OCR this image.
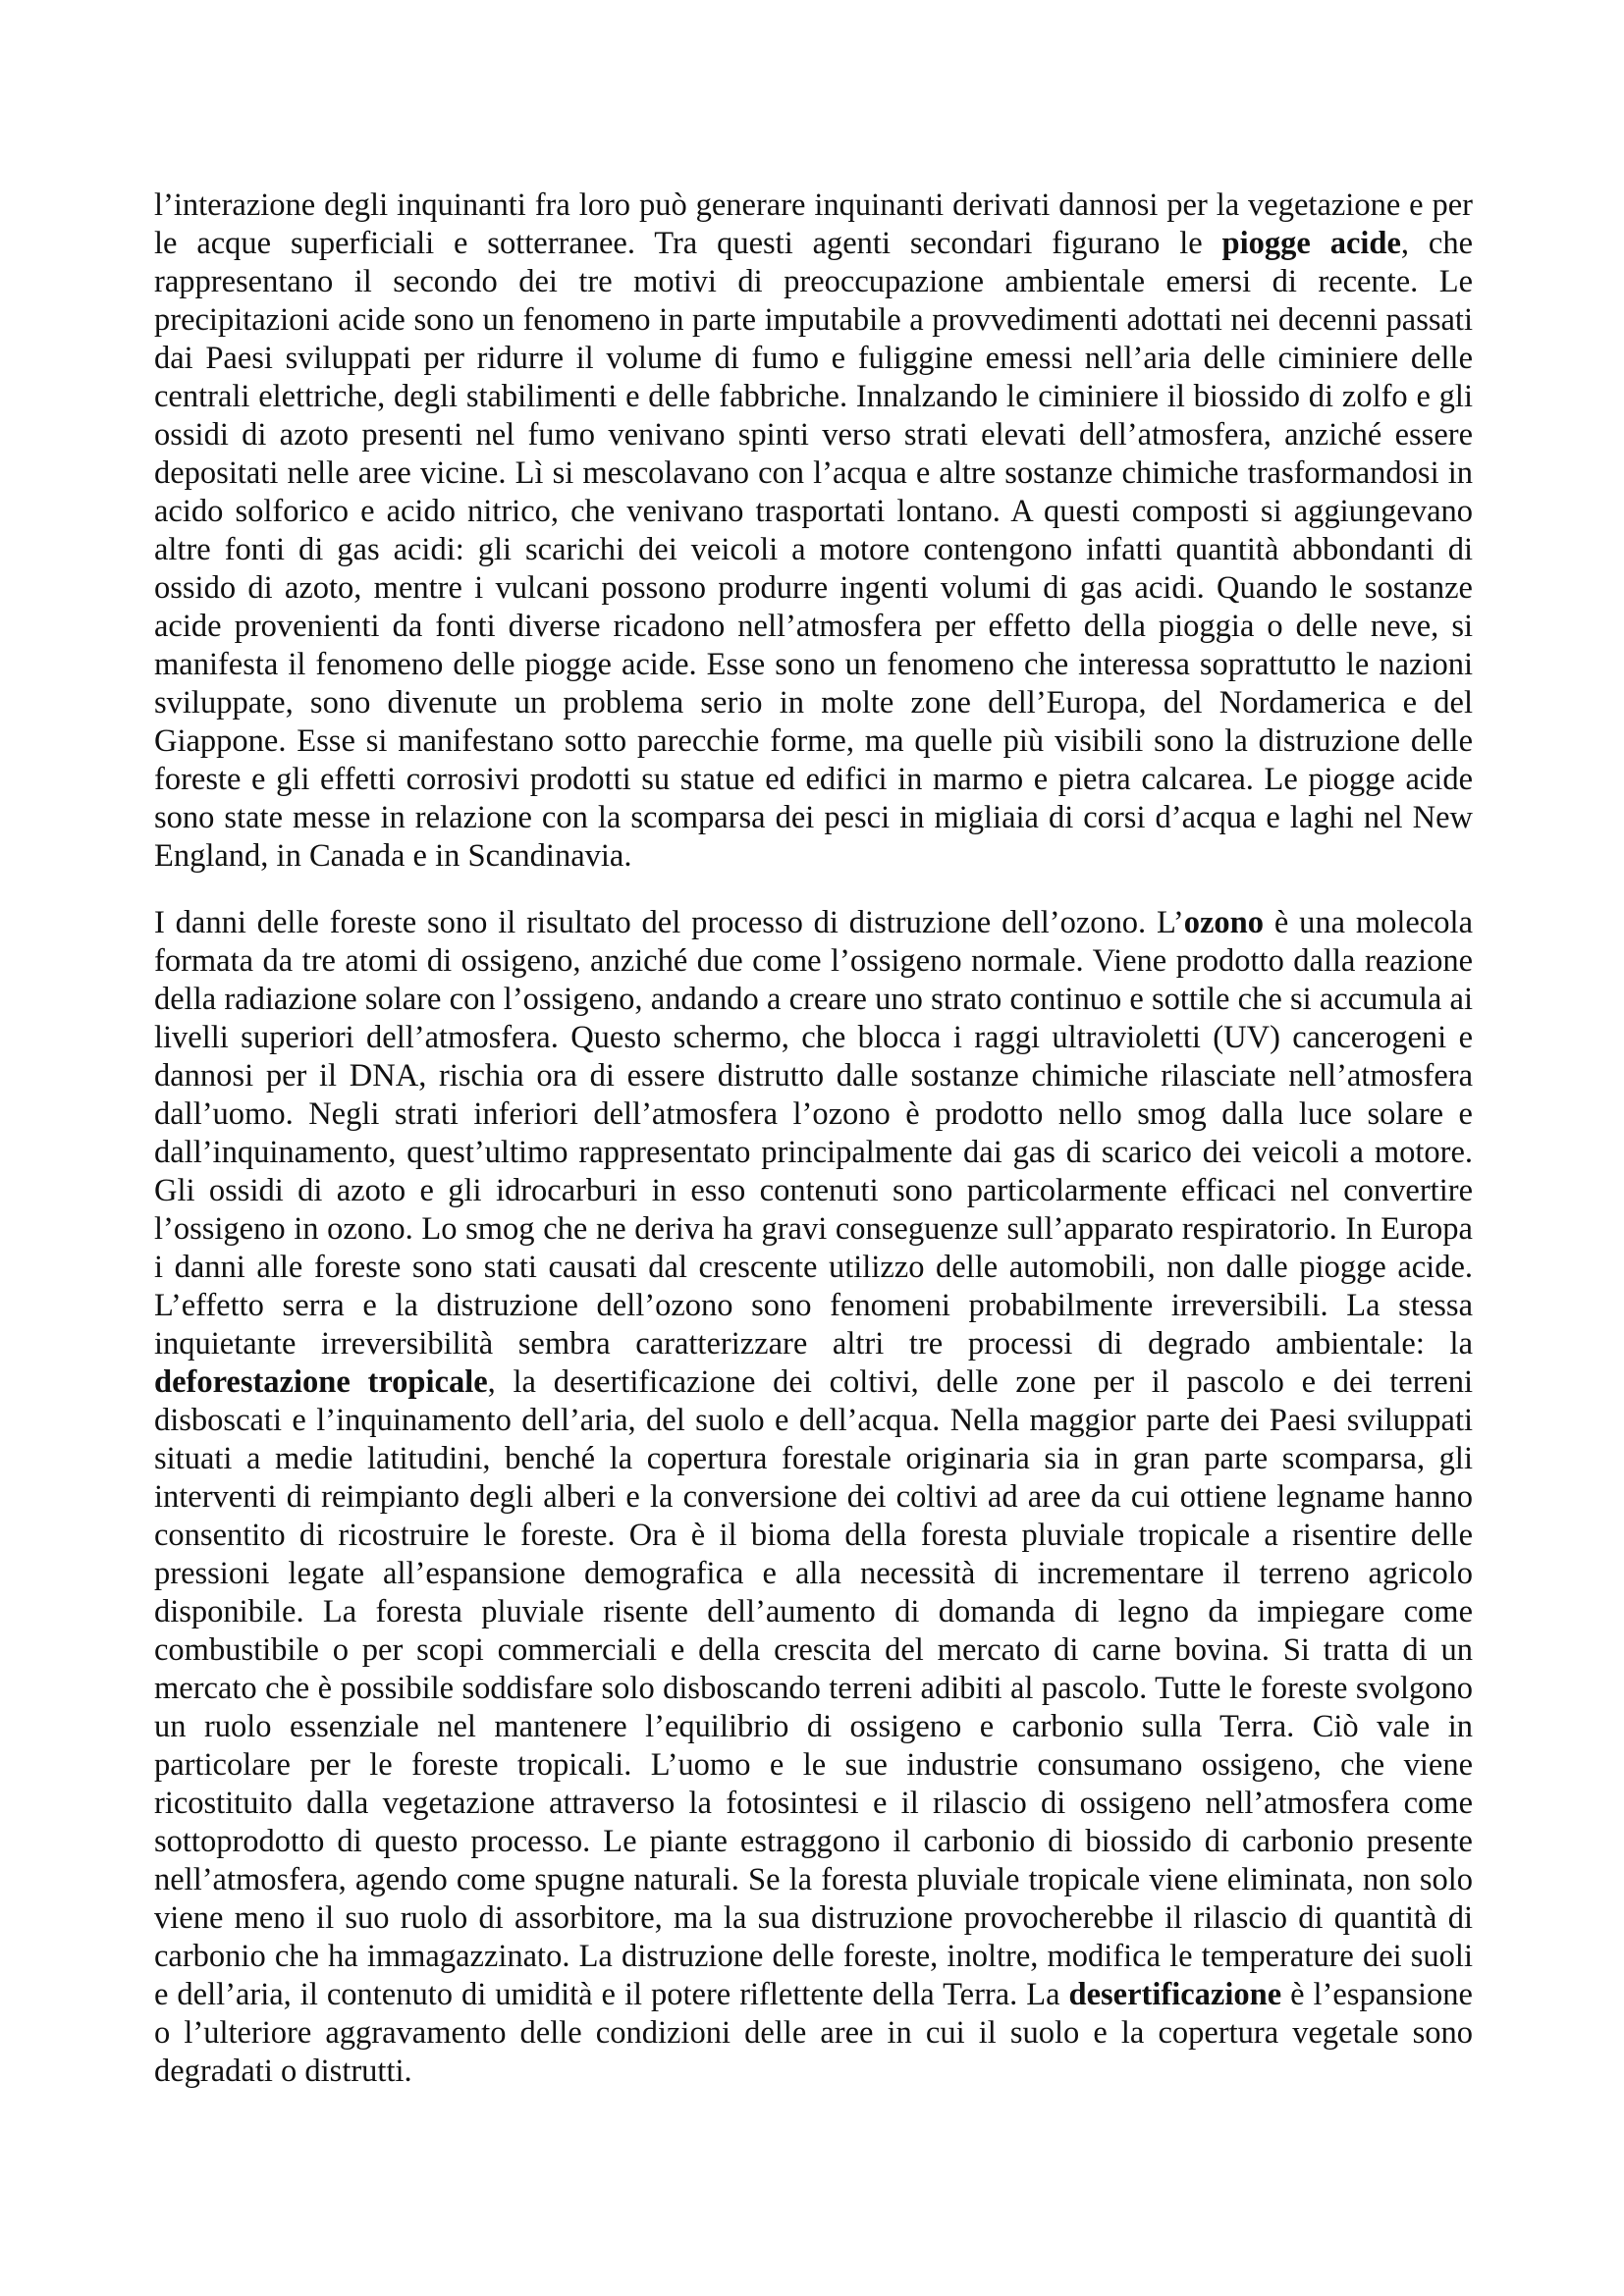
l’interazione degli inquinanti fra loro può generare inquinanti derivati dannosi per la vegetazione e per le acque superficiali e sotterranee. Tra questi agenti secondari figurano le piogge acide, che rappresentano il secondo dei tre motivi di preoccupazione ambientale emersi di recente. Le precipitazioni acide sono un fenomeno in parte imputabile a provvedimenti adottati nei decenni passati dai Paesi sviluppati per ridurre il volume di fumo e fuliggine emessi nell’aria delle ciminiere delle centrali elettriche, degli stabilimenti e delle fabbriche. Innalzando le ciminiere il biossido di zolfo e gli ossidi di azoto presenti nel fumo venivano spinti verso strati elevati dell’atmosfera, anziché essere depositati nelle aree vicine. Lì si mescolavano con l’acqua e altre sostanze chimiche trasformandosi in acido solforico e acido nitrico, che venivano trasportati lontano. A questi composti si aggiungevano altre fonti di gas acidi: gli scarichi dei veicoli a motore contengono infatti quantità abbondanti di ossido di azoto, mentre i vulcani possono produrre ingenti volumi di gas acidi. Quando le sostanze acide provenienti da fonti diverse ricadono nell’atmosfera per effetto della pioggia o delle neve, si manifesta il fenomeno delle piogge acide. Esse sono un fenomeno che interessa soprattutto le nazioni sviluppate, sono divenute un problema serio in molte zone dell’Europa, del Nordamerica e del Giappone. Esse si manifestano sotto parecchie forme, ma quelle più visibili sono la distruzione delle foreste e gli effetti corrosivi prodotti su statue ed edifici in marmo e pietra calcarea. Le piogge acide sono state messe in relazione con la scomparsa dei pesci in migliaia di corsi d’acqua e laghi nel New England, in Canada e in Scandinavia.

I danni delle foreste sono il risultato del processo di distruzione dell’ozono. L’ozono è una molecola formata da tre atomi di ossigeno, anziché due come l’ossigeno normale. Viene prodotto dalla reazione della radiazione solare con l’ossigeno, andando a creare uno strato continuo e sottile che si accumula ai livelli superiori dell’atmosfera. Questo schermo, che blocca i raggi ultravioletti (UV) cancerogeni e dannosi per il DNA, rischia ora di essere distrutto dalle sostanze chimiche rilasciate nell’atmosfera dall’uomo. Negli strati inferiori dell’atmosfera l’ozono è prodotto nello smog dalla luce solare e dall’inquinamento, quest’ultimo rappresentato principalmente dai gas di scarico dei veicoli a motore. Gli ossidi di azoto e gli idrocarburi in esso contenuti sono particolarmente efficaci nel convertire l’ossigeno in ozono. Lo smog che ne deriva ha gravi conseguenze sull’apparato respiratorio. In Europa i danni alle foreste sono stati causati dal crescente utilizzo delle automobili, non dalle piogge acide. L’effetto serra e la distruzione dell’ozono sono fenomeni probabilmente irreversibili. La stessa inquietante irreversibilità sembra caratterizzare altri tre processi di degrado ambientale: la deforestazione tropicale, la desertificazione dei coltivi, delle zone per il pascolo e dei terreni disboscati e l’inquinamento dell’aria, del suolo e dell’acqua. Nella maggior parte dei Paesi sviluppati situati a medie latitudini, benché la copertura forestale originaria sia in gran parte scomparsa, gli interventi di reimpianto degli alberi e la conversione dei coltivi ad aree da cui ottiene legname hanno consentito di ricostruire le foreste. Ora è il bioma della foresta pluviale tropicale a risentire delle pressioni legate all’espansione demografica e alla necessità di incrementare il terreno agricolo disponibile. La foresta pluviale risente dell’aumento di domanda di legno da impiegare come combustibile o per scopi commerciali e della crescita del mercato di carne bovina. Si tratta di un mercato che è possibile soddisfare solo disboscando terreni adibiti al pascolo. Tutte le foreste svolgono un ruolo essenziale nel mantenere l’equilibrio di ossigeno e carbonio sulla Terra. Ciò vale in particolare per le foreste tropicali. L’uomo e le sue industrie consumano ossigeno, che viene ricostituito dalla vegetazione attraverso la fotosintesi e il rilascio di ossigeno nell’atmosfera come sottoprodotto di questo processo. Le piante estraggono il carbonio di biossido di carbonio presente nell’atmosfera, agendo come spugne naturali. Se la foresta pluviale tropicale viene eliminata, non solo viene meno il suo ruolo di assorbitore, ma la sua distruzione provocherebbe il rilascio di quantità di carbonio che ha immagazzinato. La distruzione delle foreste, inoltre, modifica le temperature dei suoli e dell’aria, il contenuto di umidità e il potere riflettente della Terra. La desertificazione è l’espansione o l’ulteriore aggravamento delle condizioni delle aree in cui il suolo e la copertura vegetale sono degradati o distrutti.
